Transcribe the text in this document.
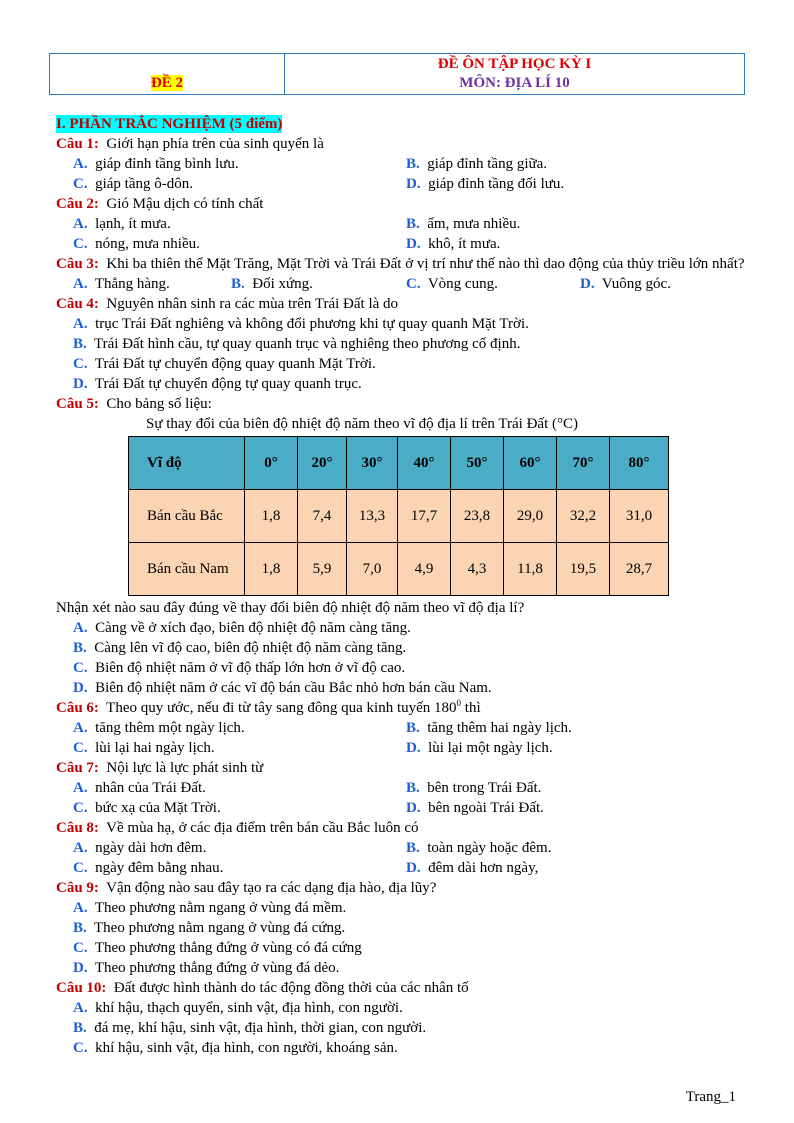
ĐỀ 2
ĐỀ ÔN TẬP HỌC KỲ I
MÔN: ĐỊA LÍ 10
I. PHẦN TRẮC NGHIỆM (5 điểm)
Câu 1: Giới hạn phía trên của sinh quyển là
A. giáp đỉnh tầng bình lưu.	B. giáp đỉnh tầng giữa.
C. giáp tầng ô-dôn.	D. giáp đỉnh tầng đối lưu.
Câu 2: Gió Mậu dịch có tính chất
A. lạnh, ít mưa.	B. ẩm, mưa nhiều.
C. nóng, mưa nhiều.	D. khô, ít mưa.
Câu 3: Khi ba thiên thể Mặt Trăng, Mặt Trời và Trái Đất ở vị trí như thế nào thì dao động của thủy triều lớn nhất?
A. Thẳng hàng.	B. Đối xứng.	C. Vòng cung.	D. Vuông góc.
Câu 4: Nguyên nhân sinh ra các mùa trên Trái Đất là do
A. trục Trái Đất nghiêng và không đổi phương khi tự quay quanh Mặt Trời.
B. Trái Đất hình cầu, tự quay quanh trục và nghiêng theo phương cố định.
C. Trái Đất tự chuyển động quay quanh Mặt Trời.
D. Trái Đất tự chuyển động tự quay quanh trục.
Câu 5: Cho bảng số liệu:
Sự thay đổi của biên độ nhiệt độ năm theo vĩ độ địa lí trên Trái Đất (°C)
Vĩ độ	0°	20°	30°	40°	50°	60°	70°	80°
Bán cầu Bắc	1,8	7,4	13,3	17,7	23,8	29,0	32,2	31,0
Bán cầu Nam	1,8	5,9	7,0	4,9	4,3	11,8	19,5	28,7
Nhận xét nào sau đây đúng về thay đổi biên độ nhiệt độ năm theo vĩ độ địa lí?
A. Càng về ở xích đạo, biên độ nhiệt độ năm càng tăng.
B. Càng lên vĩ độ cao, biên độ nhiệt độ năm càng tăng.
C. Biên độ nhiệt năm ở vĩ độ thấp lớn hơn ở vĩ độ cao.
D. Biên độ nhiệt năm ở các vĩ độ bán cầu Bắc nhỏ hơn bán cầu Nam.
Câu 6: Theo quy ước, nếu đi từ tây sang đông qua kinh tuyến $180^0$ thì
A. tăng thêm một ngày lịch.	B. tăng thêm hai ngày lịch.
C. lùi lại hai ngày lịch.	D. lùi lại một ngày lịch.
Câu 7: Nội lực là lực phát sinh từ
A. nhân của Trái Đất.	B. bên trong Trái Đất.
C. bức xạ của Mặt Trời.	D. bên ngoài Trái Đất.
Câu 8: Về mùa hạ, ở các địa điểm trên bán cầu Bắc luôn có
A. ngày dài hơn đêm.	B. toàn ngày hoặc đêm.
C. ngày đêm bằng nhau.	D. đêm dài hơn ngày,
Câu 9: Vận động nào sau đây tạo ra các dạng địa hào, địa lũy?
A. Theo phương nằm ngang ở vùng đá mềm.
B. Theo phương nằm ngang ở vùng đá cứng.
C. Theo phương thẳng đứng ở vùng có đá cứng
D. Theo phương thẳng đứng ở vùng đá dẻo.
Câu 10: Đất được hình thành do tác động đồng thời của các nhân tố
A. khí hậu, thạch quyển, sinh vật, địa hình, con người.
B. đá mẹ, khí hậu, sinh vật, địa hình, thời gian, con người.
C. khí hậu, sinh vật, địa hình, con người, khoáng sản.
Trang_1
